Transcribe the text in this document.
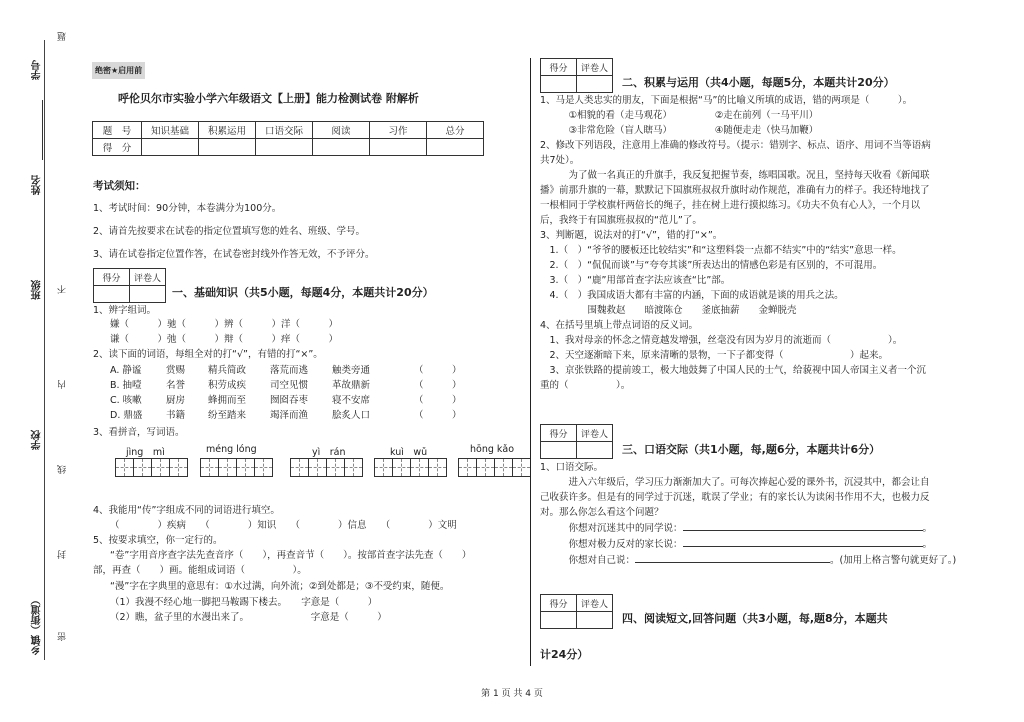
学号
姓名
班级
学校
乡镇（街道）
题
不
内
线
封
密
绝密★启用前
呼伦贝尔市实验小学六年级语文【上册】能力检测试卷 附解析
题　号	知识基础	积累运用	口语交际	阅读	习作	总分
得　分						
考试须知：
1、考试时间：90分钟，本卷满分为100分。
2、请首先按要求在试卷的指定位置填写您的姓名、班级、学号。
3、请在试卷指定位置作答，在试卷密封线外作答无效，不予评分。
得分	评卷人

一、基础知识（共5小题，每题4分，本题共计20分）
1、辨字组词。
嫌（　　　）驰（　　　）辨（　　　）洋（　　　）
谦（　　　）弛（　　　）辩（　　　）痒（　　　）
2、读下面的词语，每组全对的打“√”，有错的打“×”。
A. 静谧	赏赐	精兵简政	落荒而逃	触类旁通	（　　　）
B. 抽噎	名誉	积劳成疾	司空见惯	革故鼎新	（　　　）
C. 咳嗽	厨房	蜂拥而至	囫囵吞枣	寝不安席	（　　　）
D. 鼎盛	书籍	纷至踏来	竭泽而渔	脍炙人口	（　　　）
3、看拼音，写词语。
jìng　mì	méng lóng	yì　rán	kuì　wǔ	hōng kǎo
4、我能用“传”字组成不同的词语进行填空。
（　　　　）疾病　　（　　　　）知识　　（　　　　）信息　　（　　　　）文明
5、按要求填空，你一定行的。
“卷”字用音序查字法先查音序（　　），再查音节（　　）。按部首查字法先查（　　）
部，再查（　　）画。能组成词语（　　　　　）。
“漫”字在字典里的意思有：①水过满，向外流；②到处都是；③不受约束，随便。
（1）我漫不经心地一脚把马鞍踢下楼去。　　字意是（　　　）
（2）瞧，盆子里的水漫出来了。　　　　　　　字意是（　　　）
得分	评卷人

二、积累与运用（共4小题，每题5分，本题共计20分）
1、马是人类忠实的朋友，下面是根据“马”的比喻义所填的成语，错的两项是（　　　）。
　　　①相貌的看（走马观花）　　　　　②走在前列（一马平川）
　　　③非常危险（盲人瞎马）　　　　　④随便走走（快马加鞭）
2、修改下列语段，注意用上准确的修改符号。（提示：错别字、标点、语序、用词不当等语病
共7处）。
　　　为了做一名真正的升旗手，我反复把握节奏，练唱国歌。况且，坚持每天收看《新闻联
播》前那升旗的一幕，默默记下国旗班叔叔升旗时动作规范，准确有力的样子。我还特地找了
一根相同于学校旗杆两倍长的绳子，挂在树上进行摸拟练习。《功夫不负有心人》，一个月以
后，我终于有国旗班叔叔的“范儿”了。
3、判断题，说法对的打“√”，错的打“×”。
　1.（　）“爷爷的腰板还比较结实”和“这塑料袋一点都不结实”中的“结实”意思一样。
　2.（　）“侃侃而谈”与“夸夸其谈”所表达出的情感色彩是有区别的，不可混用。
　3.（　）“鹿”用部首查字法应该查“比”部。
　4.（　）我国成语大都有丰富的内涵，下面的成语就是谈的用兵之法。
　　　　　围魏救赵　　暗渡陈仓　　釜底抽薪　　金蝉脱壳
4、在括号里填上带点词语的反义词。
　1、我对母亲的怀念之情竟越发增强，丝毫没有因为岁月的流逝而（　　　　　　）。
　2、天空逐渐暗下来，原来清晰的景物，一下子都变得（　　　　　　　）起来。
　3、京张铁路的提前竣工，极大地鼓舞了中国人民的士气，给藐视中国人帝国主义者一个沉
重的（　　　　　）。
得分	评卷人

三、口语交际（共1小题，每,题6分，本题共计6分）
1、口语交际。
　　　进入六年级后，学习压力渐渐加大了。可每次捧起心爱的课外书，沉浸其中，都会让自
己收获许多。但是有的同学过于沉迷，耽误了学业；有的家长认为读闲书作用不大，也极力反
对。那么你怎么看这个问题？
　　　你想对沉迷其中的同学说：	。
　　　你想对极力反对的家长说：	。
　　　你想对自己说：	。(加用上格言警句就更好了。)
得分	评卷人

四、阅读短文,回答问题（共3小题，每,题8分，本题共
计24分）
第 1 页 共 4 页
